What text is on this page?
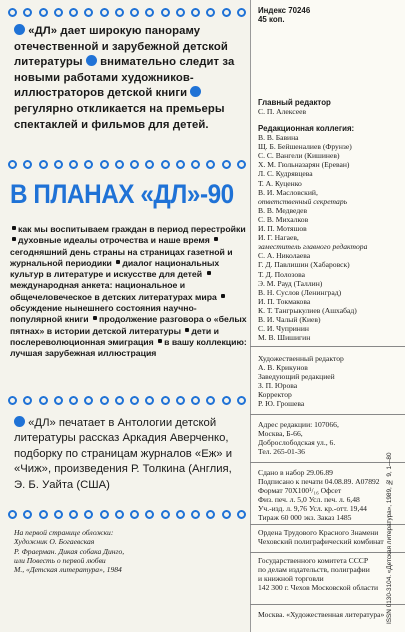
«ДЛ» дает широкую панораму отечественной и зарубежной детской литературы внимательно следит за новыми работами художников-иллюстраторов детской книги  регулярно откликается на премьеры спектаклей и фильмов для детей.
В ПЛАНАХ «ДЛ»-90
как мы воспитываем граждан в период перестройки духовные идеалы отрочества и наше время сегодняшний день страны на страницах газетной и журнальной периодики диалог национальных культур в литературе и искусстве для детей международная анкета: национальное и общечеловеческое в детских литературах мира обсуждение нынешнего состояния научно-популярной книги продолжение разговора о «белых пятнах» в истории детской литературы дети и послереволюционная эмиграция в вашу коллекцию: лучшая зарубежная иллюстрация
«ДЛ» печатает в Антологии детской литературы рассказ Аркадия Аверченко, подборку по страницам журналов «Еж» и «Чиж», произведения Р. Толкина (Англия, Э. Б. Уайта (США)
На первой странице обложки:
Художник О. Богаевская
Р. Фраерман. Дикая собака Динго,
или Повесть о первой любви
М., «Детская литература», 1984
Индекс 70246
45 коп.
Главный редактор
С. П. Алексеев
Редакционная коллегия:
В. В. Бавина
Щ. Б. Бейшеналиев (Фрунзе)
С. С. Вангели (Кишинев)
Х. М. Гюльназарян (Ереван)
Л. С. Кудрявцева
Т. А. Куценко
В. И. Масловский,
ответственный секретарь
В. В. Медведев
С. В. Михалков
И. П. Мотяшов
И. Г. Нагаев,
заместитель главного редактора
С. А. Николаева
Г. Д. Павлишин (Хабаровск)
Т. Д. Полозова
Э. М. Рауд (Таллин)
В. Н. Суслов (Ленинград)
И. П. Токмакова
К. Т. Тангрыкулиев (Ашхабад)
В. И. Чалый (Киев)
С. И. Чупринин
М. В. Шишигин
Художественный редактор
А. В. Крикунов
Заведующий редакцией
З. П. Юрова
Корректор
Р. Ю. Грошева
Адрес редакции: 107066,
Москва, Б-66,
Доброслободская ул., 6.
Тел. 265-01-36
Сдано в набор 29.06.89
Подписано к печати 04.08.89. А07892
Формат 70Х100¹/₁₆ Офсет
Физ. печ. л. 5,0 Усл. печ. л. 6,48
Уч.-изд. л. 9,76 Усл. кр.-отт. 19,44
Тираж 60 000 экз. Заказ 1485
Ордена Трудового Красного Знамени
Чеховский полиграфический комбинат
Государственного комитета СССР
по делам издательств, полиграфии
и книжной торговли
142 300 г. Чехов Московской области
Москва. «Художественная литература» ISSN 0130-3104. «Детская литература», 1989, № 9, 1—80
